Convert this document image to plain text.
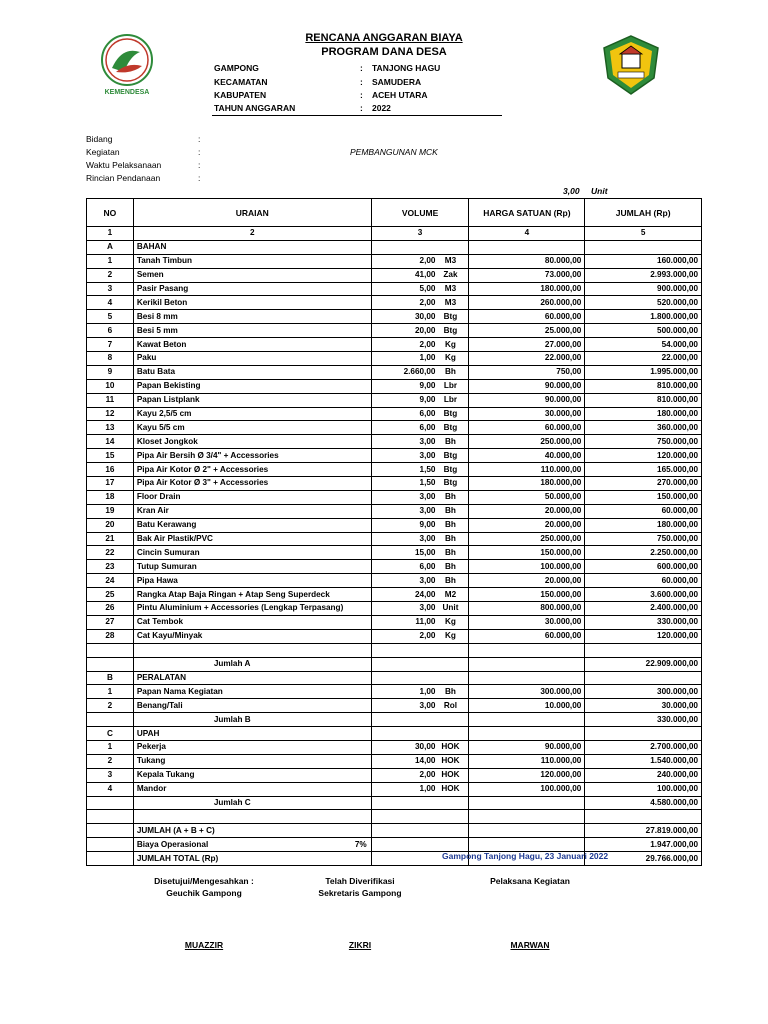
KEMENDESA
RENCANA ANGGARAN BIAYA
PROGRAM DANA DESA
GAMPONG	: TANJONG HAGU
KECAMATAN	: SAMUDERA
KABUPATEN	: ACEH UTARA
TAHUN ANGGARAN	: 2022
Bidang	:
Kegiatan	:	PEMBANGUNAN MCK
Waktu Pelaksanaan	:
Rincian Pendanaan	:
3,00 Unit
NO	URAIAN	VOLUME	HARGA SATUAN (Rp)	JUMLAH (Rp)
1	2	3	4	5
A	BAHAN	

1	Tanah Timbun	2,00 M3	80.000,00	160.000,00
2	Semen	41,00 Zak	73.000,00	2.993.000,00
3	Pasir Pasang	5,00 M3	180.000,00	900.000,00
4	Kerikil Beton	2,00 M3	260.000,00	520.000,00
5	Besi 8 mm	30,00 Btg	60.000,00	1.800.000,00
6	Besi 5 mm	20,00 Btg	25.000,00	500.000,00
7	Kawat Beton	2,00 Kg	27.000,00	54.000,00
8	Paku	1,00 Kg	22.000,00	22.000,00
9	Batu Bata	2.660,00 Bh	750,00	1.995.000,00
10	Papan Bekisting	9,00 Lbr	90.000,00	810.000,00
11	Papan Listplank	9,00 Lbr	90.000,00	810.000,00
12	Kayu 2,5/5 cm	6,00 Btg	30.000,00	180.000,00
13	Kayu 5/5 cm	6,00 Btg	60.000,00	360.000,00
14	Kloset Jongkok	3,00 Bh	250.000,00	750.000,00
15	Pipa Air Bersih Ø 3/4" + Accessories	3,00 Btg	40.000,00	120.000,00
16	Pipa Air Kotor Ø 2" + Accessories	1,50 Btg	110.000,00	165.000,00
17	Pipa Air Kotor Ø 3" + Accessories	1,50 Btg	180.000,00	270.000,00
18	Floor Drain	3,00 Bh	50.000,00	150.000,00
19	Kran Air	3,00 Bh	20.000,00	60.000,00
20	Batu Kerawang	9,00 Bh	20.000,00	180.000,00
21	Bak Air Plastik/PVC	3,00 Bh	250.000,00	750.000,00
22	Cincin Sumuran	15,00 Bh	150.000,00	2.250.000,00
23	Tutup Sumuran	6,00 Bh	100.000,00	600.000,00
24	Pipa Hawa	3,00 Bh	20.000,00	60.000,00
25	Rangka Atap Baja Ringan + Atap Seng Superdeck	24,00 M2	150.000,00	3.600.000,00
26	Pintu Aluminium + Accessories (Lengkap Terpasang)	3,00 Unit	800.000,00	2.400.000,00
27	Cat Tembok	11,00 Kg	30.000,00	330.000,00
28	Cat Kayu/Minyak	2,00 Kg	60.000,00	120.000,00

	Jumlah A			22.909.000,00
B	PERALATAN	

1	Papan Nama Kegiatan	1,00 Bh	300.000,00	300.000,00
2	Benang/Tali	3,00 Rol	10.000,00	30.000,00
	Jumlah B			330.000,00
C	UPAH	

1	Pekerja	30,00 HOK	90.000,00	2.700.000,00
2	Tukang	14,00 HOK	110.000,00	1.540.000,00
3	Kepala Tukang	2,00 HOK	120.000,00	240.000,00
4	Mandor	1,00 HOK	100.000,00	100.000,00
	Jumlah C			4.580.000,00

	JUMLAH (A + B + C)			27.819.000,00
	Biaya Operasional 7%			1.947.000,00
	JUMLAH TOTAL (Rp)			29.766.000,00
Gampong Tanjong Hagu, 23 Januari 2022
Disetujui/Mengesahkan :
Geuchik Gampong
Telah Diverifikasi
Sekretaris Gampong
Pelaksana Kegiatan
MUAZZIR	ZIKRI	MARWAN
